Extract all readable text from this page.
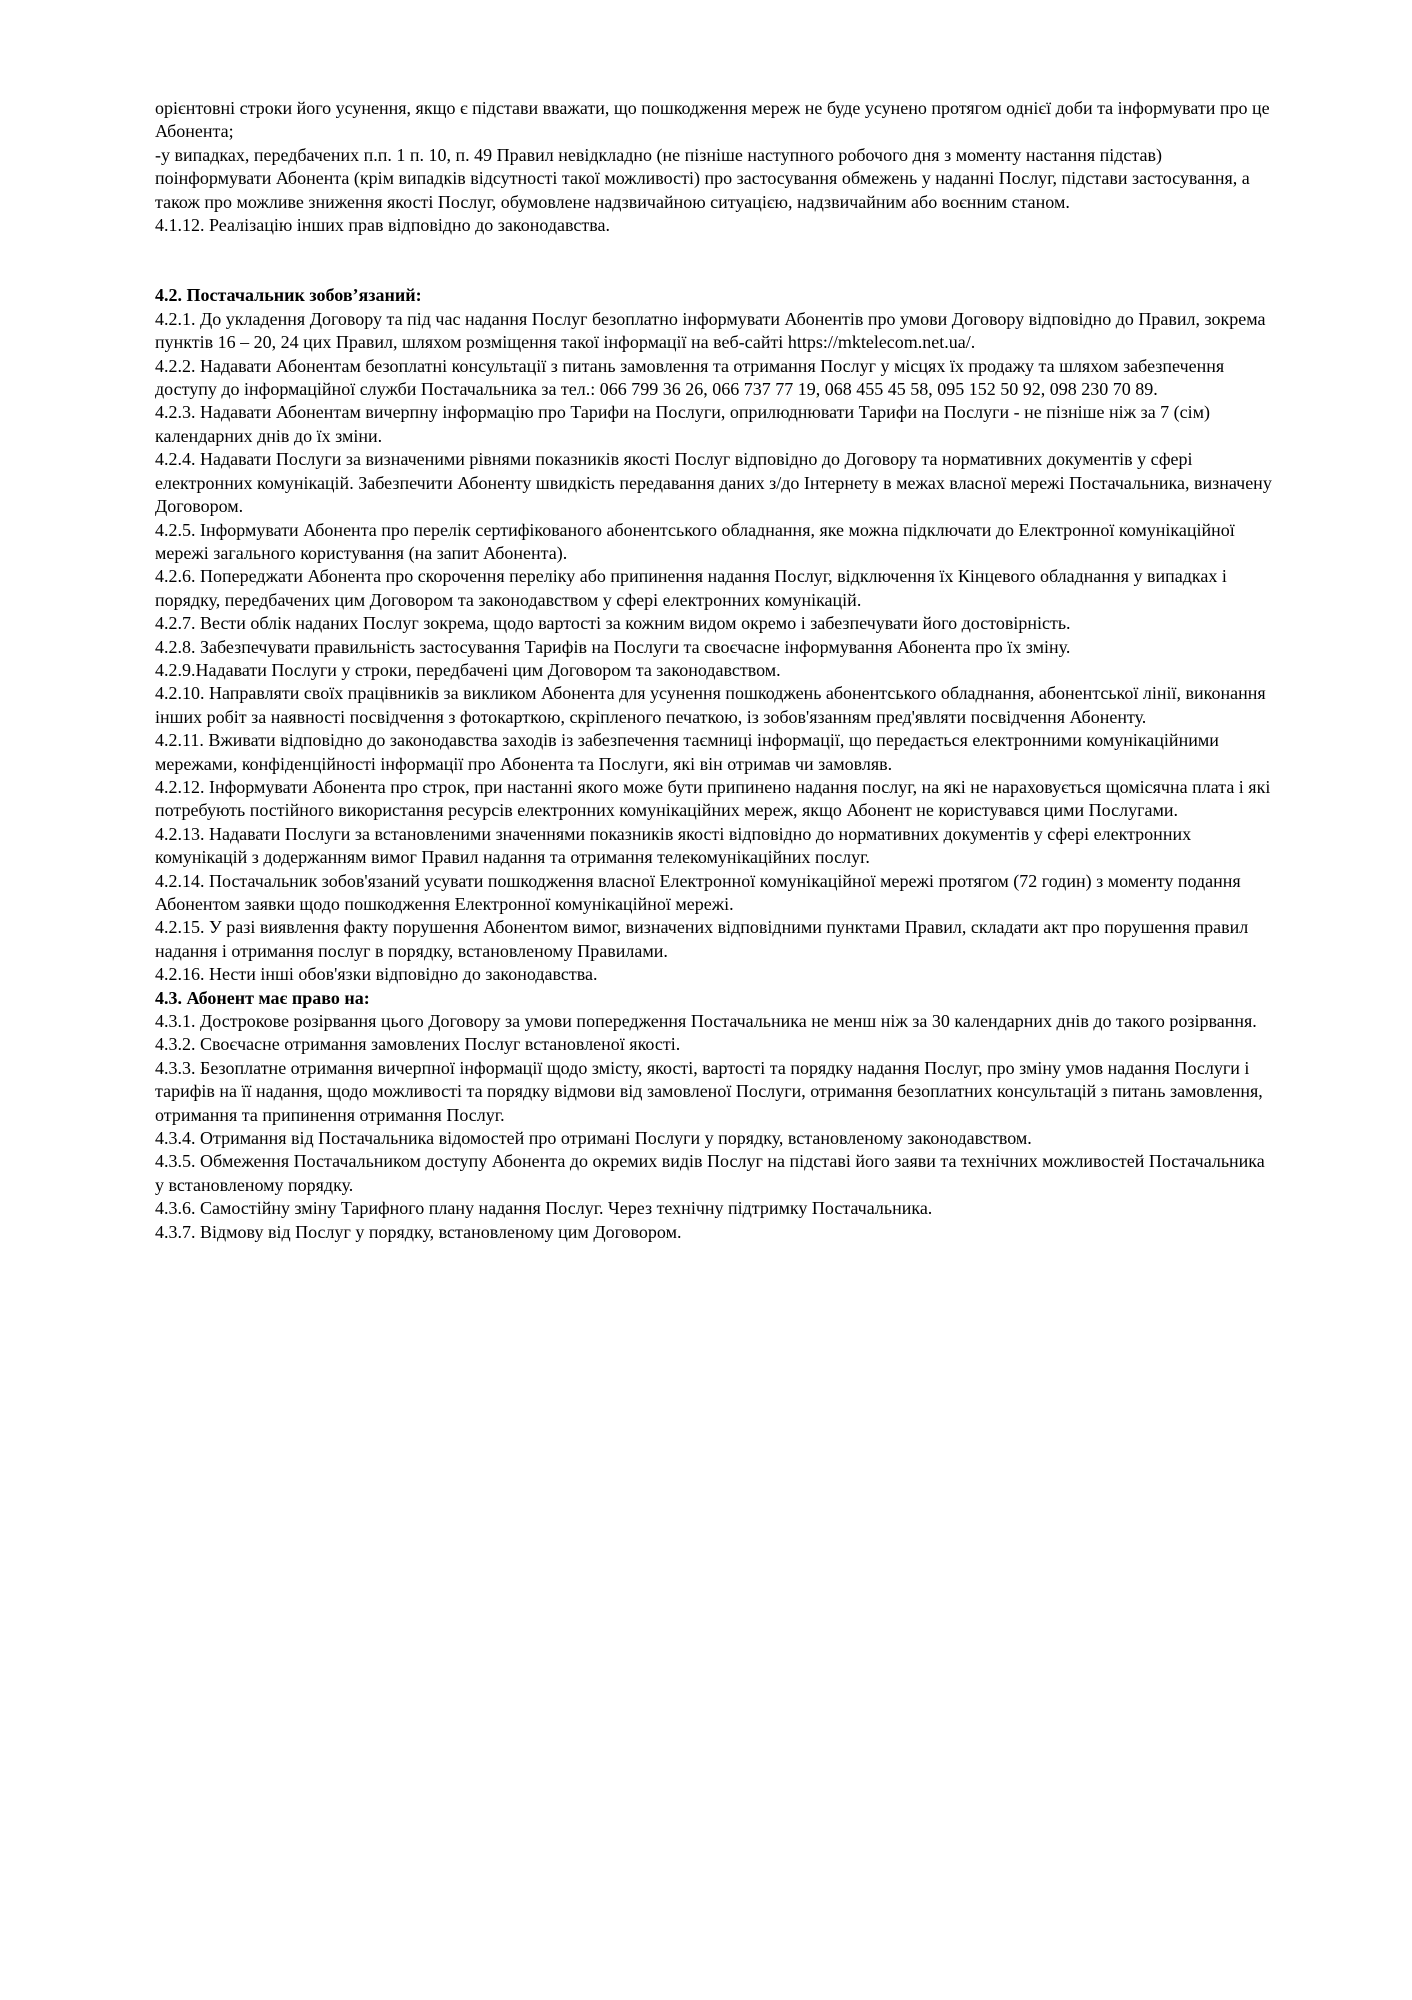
орієнтовні строки його усунення, якщо є підстави вважати, що пошкодження мереж не буде усунено протягом однієї доби та інформувати про це Абонента;

-у випадках, передбачених п.п. 1 п. 10, п. 49 Правил невідкладно (не пізніше наступного робочого дня з моменту настання підстав) поінформувати Абонента (крім випадків відсутності такої можливості) про застосування обмежень у наданні Послуг, підстави застосування, а також про можливе зниження якості Послуг, обумовлене надзвичайною ситуацією, надзвичайним або воєнним станом.

4.1.12. Реалізацію інших прав відповідно до законодавства.

4.2. Постачальник зобов’язаний:

4.2.1. До укладення Договору та під час надання Послуг безоплатно інформувати Абонентів про умови Договору відповідно до Правил, зокрема пунктів 16 – 20, 24 цих Правил, шляхом розміщення такої інформації на веб-сайті https://mktelecom.net.ua/.

4.2.2. Надавати Абонентам безоплатні консультації з питань замовлення та отримання Послуг у місцях їх продажу та шляхом забезпечення доступу до інформаційної служби Постачальника за тел.: 066 799 36 26, 066 737 77 19, 068 455 45 58, 095 152 50 92, 098 230 70 89.

4.2.3. Надавати Абонентам вичерпну інформацію про Тарифи на Послуги, оприлюднювати Тарифи на Послуги - не пізніше ніж за 7 (сім) календарних днів до їх зміни.

4.2.4. Надавати Послуги за визначеними рівнями показників якості Послуг відповідно до Договору та нормативних документів у сфері електронних комунікацій. Забезпечити Абоненту швидкість передавання даних з/до Інтернету в межах власної мережі Постачальника, визначену Договором.

4.2.5. Інформувати Абонента про перелік сертифікованого абонентського обладнання, яке можна підключати до Електронної комунікаційної мережі загального користування (на запит Абонента).

4.2.6. Попереджати Абонента про скорочення переліку або припинення надання Послуг, відключення їх Кінцевого обладнання у випадках і порядку, передбачених цим Договором та законодавством у сфері електронних комунікацій.

4.2.7. Вести облік наданих Послуг зокрема, щодо вартості за кожним видом окремо і забезпечувати його достовірність.

4.2.8. Забезпечувати правильність застосування Тарифів на Послуги та своєчасне інформування Абонента про їх зміну.

4.2.9.Надавати Послуги у строки, передбачені цим Договором та законодавством.

4.2.10. Направляти своїх працівників за викликом Абонента для усунення пошкоджень абонентського обладнання, абонентської лінії, виконання інших робіт за наявності посвідчення з фотокарткою, скріпленого печаткою, із зобов'язанням пред'являти посвідчення Абоненту.

4.2.11. Вживати відповідно до законодавства заходів із забезпечення таємниці інформації, що передається електронними комунікаційними мережами, конфіденційності інформації про Абонента та Послуги, які він отримав чи замовляв.

4.2.12. Інформувати Абонента про строк, при настанні якого може бути припинено надання послуг, на які не нараховується щомісячна плата і які потребують постійного використання ресурсів електронних комунікаційних мереж, якщо Абонент не користувався цими Послугами.

4.2.13. Надавати Послуги за встановленими значеннями показників якості відповідно до нормативних документів у сфері електронних комунікацій з додержанням вимог Правил надання та отримання телекомунікаційних послуг.

4.2.14. Постачальник зобов'язаний усувати пошкодження власної Електронної комунікаційної мережі протягом (72 годин) з моменту подання Абонентом заявки щодо пошкодження Електронної комунікаційної мережі.

4.2.15. У разі виявлення факту порушення Абонентом вимог, визначених відповідними пунктами Правил, складати акт про порушення правил надання і отримання послуг в порядку, встановленому Правилами.

4.2.16. Нести інші обов'язки відповідно до законодавства.

4.3. Абонент має право на:

4.3.1. Дострокове розірвання цього Договору за умови попередження Постачальника не менш ніж за 30 календарних днів до такого розірвання.

4.3.2. Своєчасне отримання замовлених Послуг встановленої якості.

4.3.3. Безоплатне отримання вичерпної інформації щодо змісту, якості, вартості та порядку надання Послуг, про зміну умов надання Послуги і тарифів на її надання, щодо можливості та порядку відмови від замовленої Послуги, отримання безоплатних консультацій з питань замовлення, отримання та припинення отримання Послуг.

4.3.4. Отримання від Постачальника відомостей про отримані Послуги у порядку, встановленому законодавством.

4.3.5. Обмеження Постачальником доступу Абонента до окремих видів Послуг на підставі його заяви та технічних можливостей Постачальника у встановленому порядку.

4.3.6. Самостійну зміну Тарифного плану надання Послуг. Через технічну підтримку Постачальника.

4.3.7. Відмову від Послуг у порядку, встановленому цим Договором.
